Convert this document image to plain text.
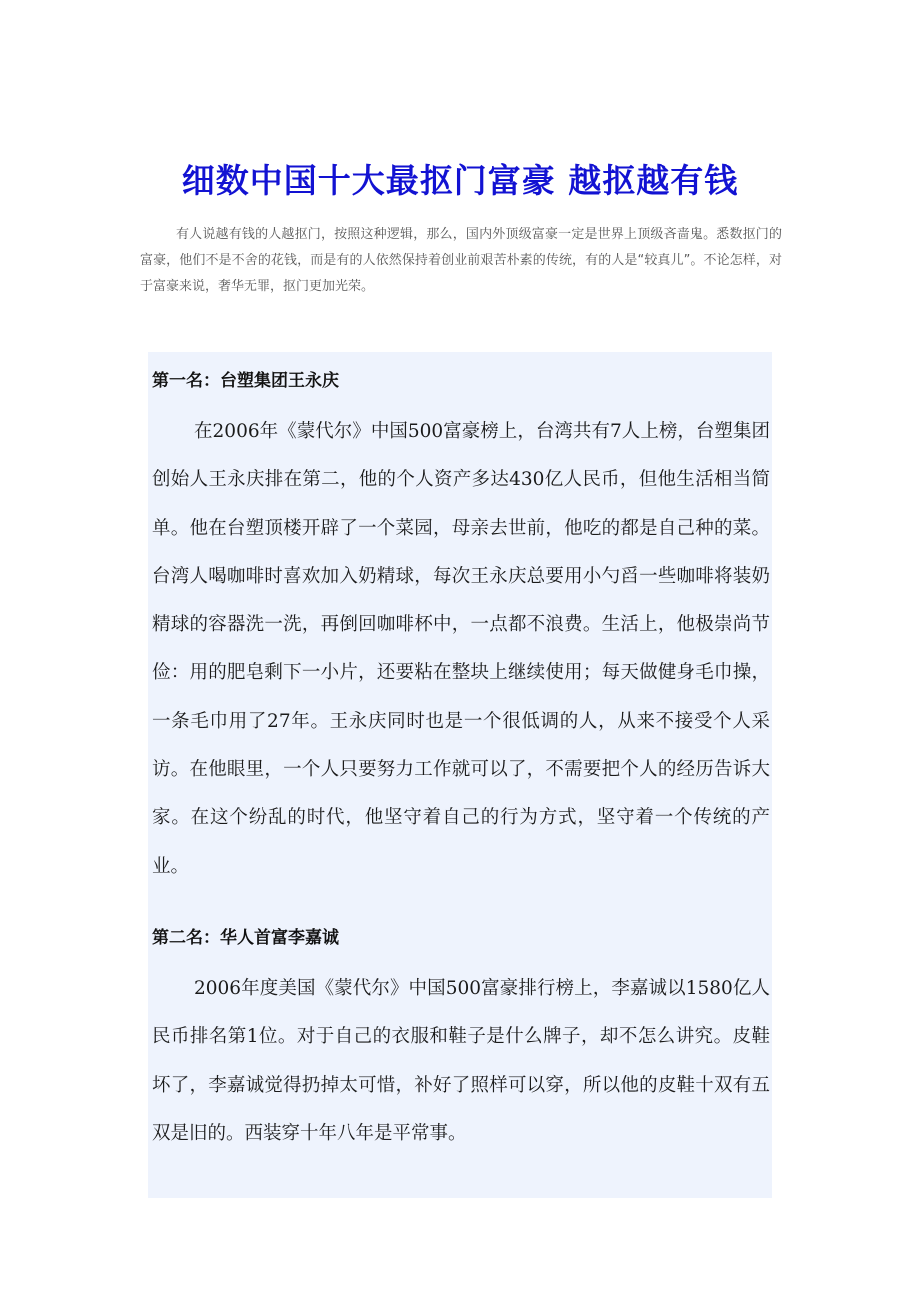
细数中国十大最抠门富豪 越抠越有钱

有人说越有钱的人越抠门，按照这种逻辑，那么，国内外顶级富豪一定是世界上顶级吝啬鬼。悉数抠门的富豪，他们不是不舍的花钱，而是有的人依然保持着创业前艰苦朴素的传统，有的人是“较真儿”。不论怎样，对于富豪来说，奢华无罪，抠门更加光荣。

第一名：台塑集团王永庆

在2006年《蒙代尔》中国500富豪榜上，台湾共有7人上榜，台塑集团创始人王永庆排在第二，他的个人资产多达430亿人民币，但他生活相当简单。他在台塑顶楼开辟了一个菜园，母亲去世前，他吃的都是自己种的菜。台湾人喝咖啡时喜欢加入奶精球，每次王永庆总要用小勺舀一些咖啡将装奶精球的容器洗一洗，再倒回咖啡杯中，一点都不浪费。生活上，他极崇尚节俭：用的肥皂剩下一小片，还要粘在整块上继续使用；每天做健身毛巾操，一条毛巾用了27年。王永庆同时也是一个很低调的人，从来不接受个人采访。在他眼里，一个人只要努力工作就可以了，不需要把个人的经历告诉大家。在这个纷乱的时代，他坚守着自己的行为方式，坚守着一个传统的产业。

第二名：华人首富李嘉诚

2006年度美国《蒙代尔》中国500富豪排行榜上，李嘉诚以1580亿人民币排名第1位。对于自己的衣服和鞋子是什么牌子，却不怎么讲究。皮鞋坏了，李嘉诚觉得扔掉太可惜，补好了照样可以穿，所以他的皮鞋十双有五双是旧的。西装穿十年八年是平常事。
